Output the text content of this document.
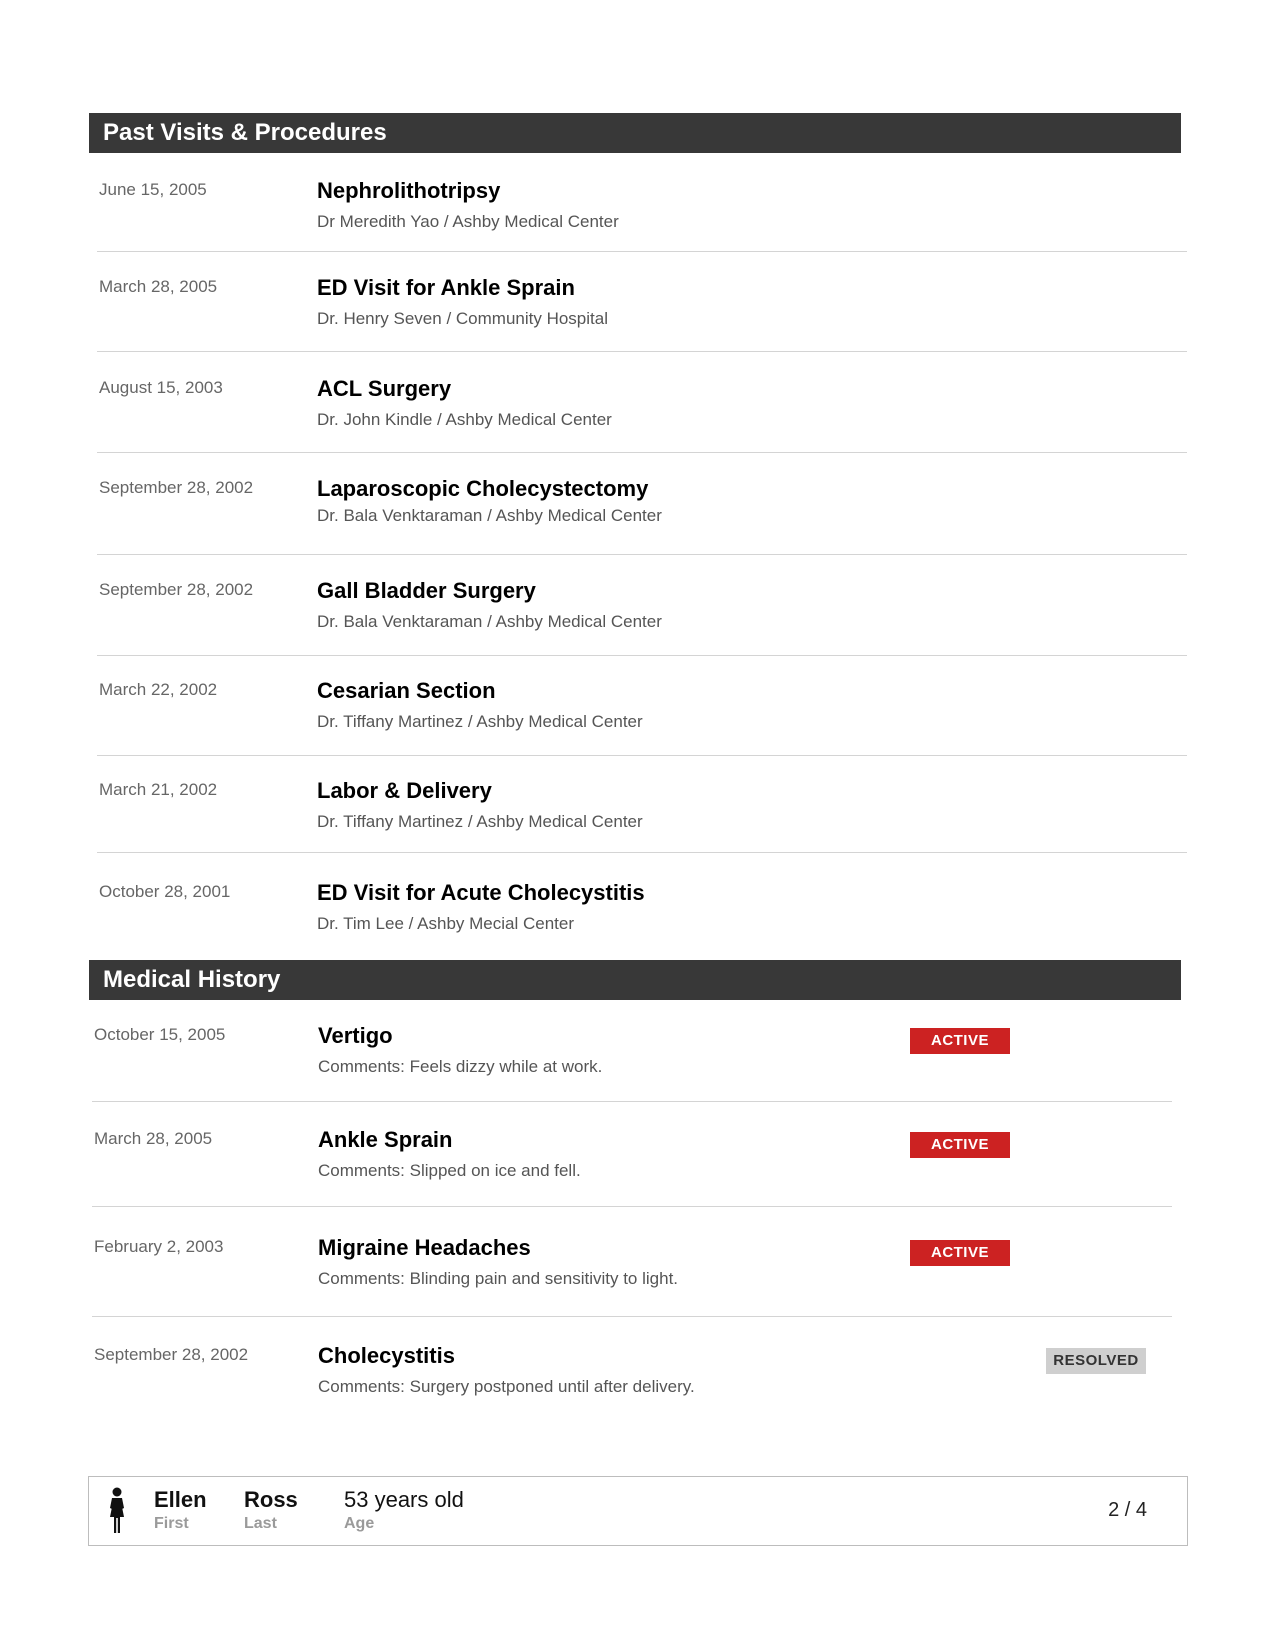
Past Visits & Procedures
June 15, 2005	Nephrolithotripsy
Dr Meredith Yao / Ashby Medical Center
March 28, 2005	ED Visit for Ankle Sprain
Dr. Henry Seven / Community Hospital
August 15, 2003	ACL Surgery
Dr. John Kindle / Ashby Medical Center
September 28, 2002	Laparoscopic Cholecystectomy
Dr. Bala Venktaraman / Ashby Medical Center
September 28, 2002	Gall Bladder Surgery
Dr. Bala Venktaraman / Ashby Medical Center
March 22, 2002	Cesarian Section
Dr. Tiffany Martinez / Ashby Medical Center
March 21, 2002	Labor & Delivery
Dr. Tiffany Martinez / Ashby Medical Center
October 28, 2001	ED Visit for Acute Cholecystitis
Dr. Tim Lee / Ashby Mecial Center
Medical History
October 15, 2005	Vertigo
Comments: Feels dizzy while at work.
ACTIVE
March 28, 2005	Ankle Sprain
Comments: Slipped on ice and fell.
ACTIVE
February 2, 2003	Migraine Headaches
Comments: Blinding pain and sensitivity to light.
ACTIVE
September 28, 2002	Cholecystitis
Comments: Surgery postponed until after delivery.
RESOLVED
Ellen
First
Ross
Last
53 years old
Age
2 / 4
